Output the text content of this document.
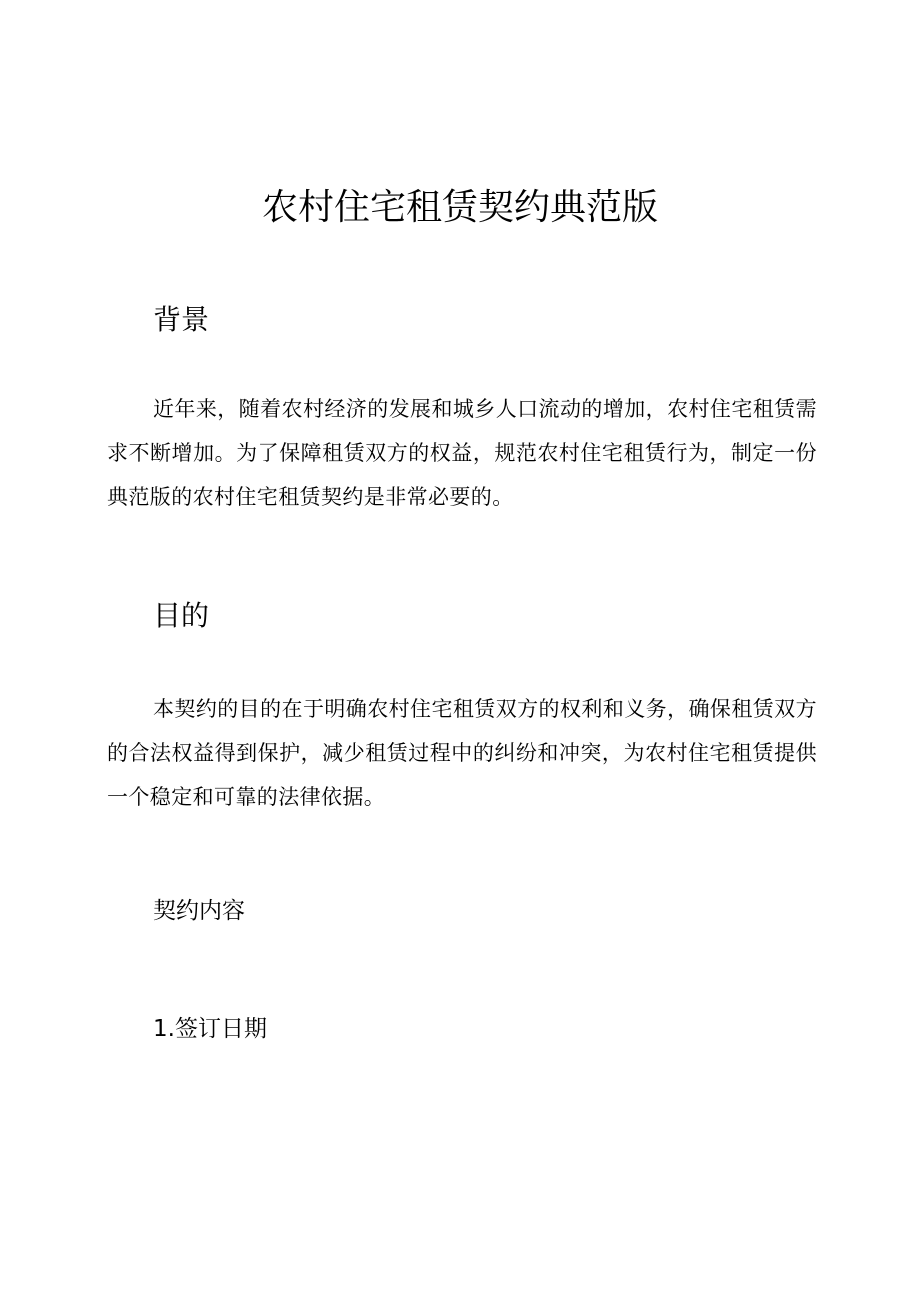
农村住宅租赁契约典范版
背景

近年来，随着农村经济的发展和城乡人口流动的增加，农村住宅租赁需求不断增加。为了保障租赁双方的权益，规范农村住宅租赁行为，制定一份典范版的农村住宅租赁契约是非常必要的。

目的

本契约的目的在于明确农村住宅租赁双方的权利和义务，确保租赁双方的合法权益得到保护，减少租赁过程中的纠纷和冲突，为农村住宅租赁提供一个稳定和可靠的法律依据。

契约内容
1.签订日期
